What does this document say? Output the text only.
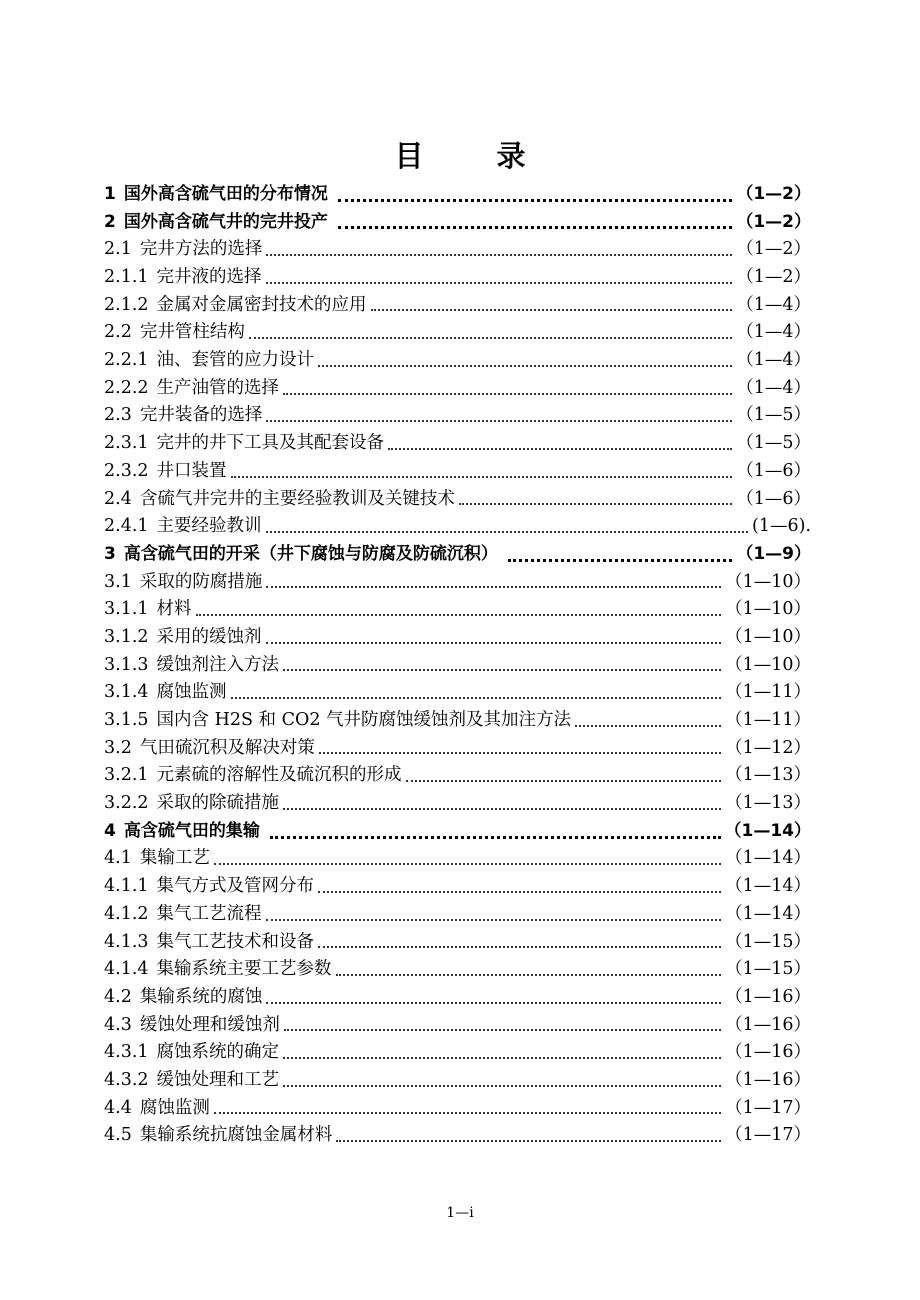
目　录
1 国外高含硫气田的分布情况	（1—2）
2 国外高含硫气井的完井投产	（1—2）
2.1 完井方法的选择	（1—2）
2.1.1 完井液的选择	（1—2）
2.1.2 金属对金属密封技术的应用	（1—4）
2.2 完井管柱结构	（1—4）
2.2.1 油、套管的应力设计	（1—4）
2.2.2 生产油管的选择	（1—4）
2.3 完井装备的选择	（1—5）
2.3.1 完井的井下工具及其配套设备	（1—5）
2.3.2 井口装置	（1—6）
2.4 含硫气井完井的主要经验教训及关键技术	（1—6）
2.4.1 主要经验教训	(1—6).
3 高含硫气田的开采（井下腐蚀与防腐及防硫沉积）	（1—9）
3.1 采取的防腐措施	（1—10）
3.1.1 材料	（1—10）
3.1.2 采用的缓蚀剂	（1—10）
3.1.3 缓蚀剂注入方法	（1—10）
3.1.4 腐蚀监测	（1—11）
3.1.5 国内含 H2S 和 CO2 气井防腐蚀缓蚀剂及其加注方法	（1—11）
3.2 气田硫沉积及解决对策	（1—12）
3.2.1 元素硫的溶解性及硫沉积的形成	（1—13）
3.2.2 采取的除硫措施	（1—13）
4 高含硫气田的集输	（1—14）
4.1 集输工艺	（1—14）
4.1.1 集气方式及管网分布	（1—14）
4.1.2 集气工艺流程	（1—14）
4.1.3 集气工艺技术和设备	（1—15）
4.1.4 集输系统主要工艺参数	（1—15）
4.2 集输系统的腐蚀	（1—16）
4.3 缓蚀处理和缓蚀剂	（1—16）
4.3.1 腐蚀系统的确定	（1—16）
4.3.2 缓蚀处理和工艺	（1—16）
4.4 腐蚀监测	（1—17）
4.5 集输系统抗腐蚀金属材料	（1—17）
1—i
